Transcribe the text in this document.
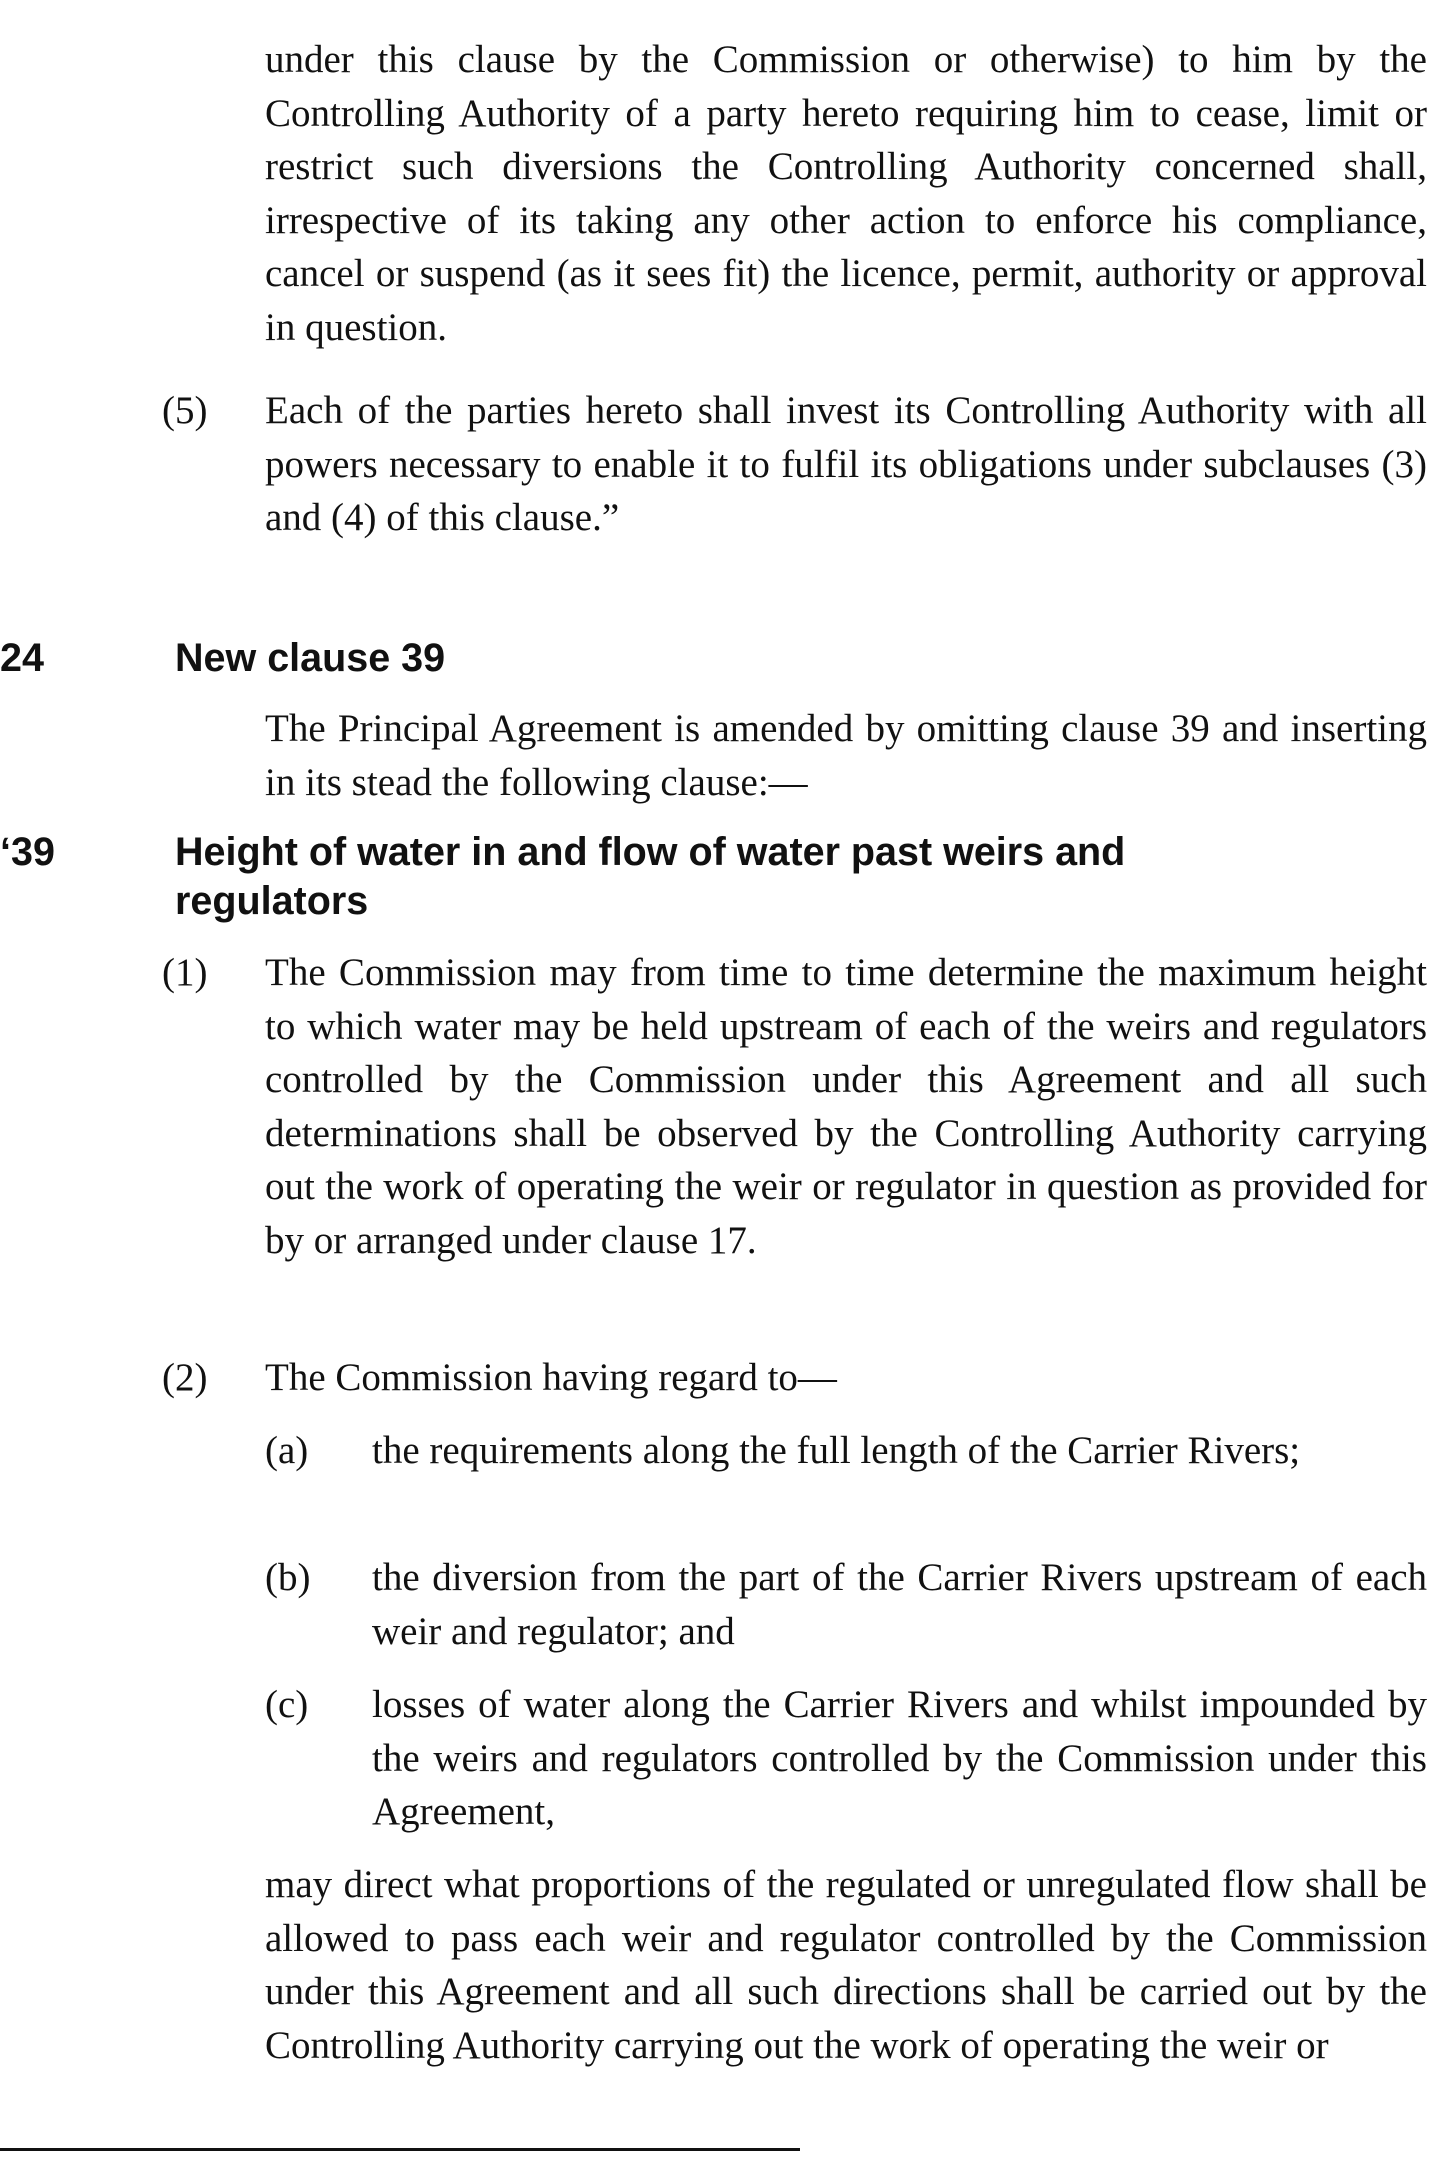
under this clause by the Commission or otherwise) to him by the Controlling Authority of a party hereto requiring him to cease, limit or restrict such diversions the Controlling Authority concerned shall, irrespective of its taking any other action to enforce his compliance, cancel or suspend (as it sees fit) the licence, permit, authority or approval in question.
(5) Each of the parties hereto shall invest its Controlling Authority with all powers necessary to enable it to fulfil its obligations under subclauses (3) and (4) of this clause.”
24	New clause 39
The Principal Agreement is amended by omitting clause 39 and inserting in its stead the following clause:—
‘39	Height of water in and flow of water past weirs and regulators
(1) The Commission may from time to time determine the maximum height to which water may be held upstream of each of the weirs and regulators controlled by the Commission under this Agreement and all such determinations shall be observed by the Controlling Authority carrying out the work of operating the weir or regulator in question as provided for by or arranged under clause 17.
(2) The Commission having regard to—
(a) the requirements along the full length of the Carrier Rivers;
(b) the diversion from the part of the Carrier Rivers upstream of each weir and regulator; and
(c) losses of water along the Carrier Rivers and whilst impounded by the weirs and regulators controlled by the Commission under this Agreement,
may direct what proportions of the regulated or unregulated flow shall be allowed to pass each weir and regulator controlled by the Commission under this Agreement and all such directions shall be carried out by the Controlling Authority carrying out the work of operating the weir or
